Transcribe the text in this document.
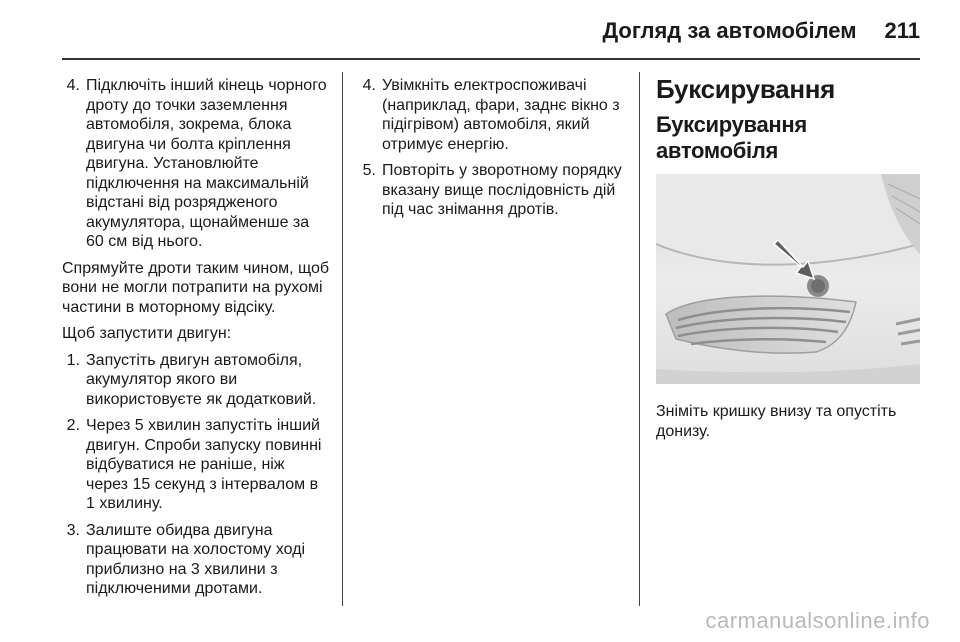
Догляд за автомобілем 211
4. Підключіть інший кінець чорного дроту до точки заземлення автомобіля, зокрема, блока двигуна чи болта кріплення двигуна. Установлюйте підключення на максимальній відстані від розрядженого акумулятора, щонайменше за 60 см від нього.

Спрямуйте дроти таким чином, щоб вони не могли потрапити на рухомі частини в моторному відсіку.

Щоб запустити двигун:

1. Запустіть двигун автомобіля, акумулятор якого ви використовуєте як додатковий.
2. Через 5 хвилин запустіть інший двигун. Спроби запуску повинні відбуватися не раніше, ніж через 15 секунд з інтервалом в 1 хвилину.
3. Залиште обидва двигуна працювати на холостому ході приблизно на 3 хвилини з підключеними дротами.
4. Увімкніть електроспоживачі (наприклад, фари, заднє вікно з підігрівом) автомобіля, який отримує енергію.
5. Повторіть у зворотному порядку вказану вище послідовність дій під час знімання дротів.
Буксирування
Буксирування автомобіля

Зніміть кришку внизу та опустіть донизу.

carmanualsonline.info
